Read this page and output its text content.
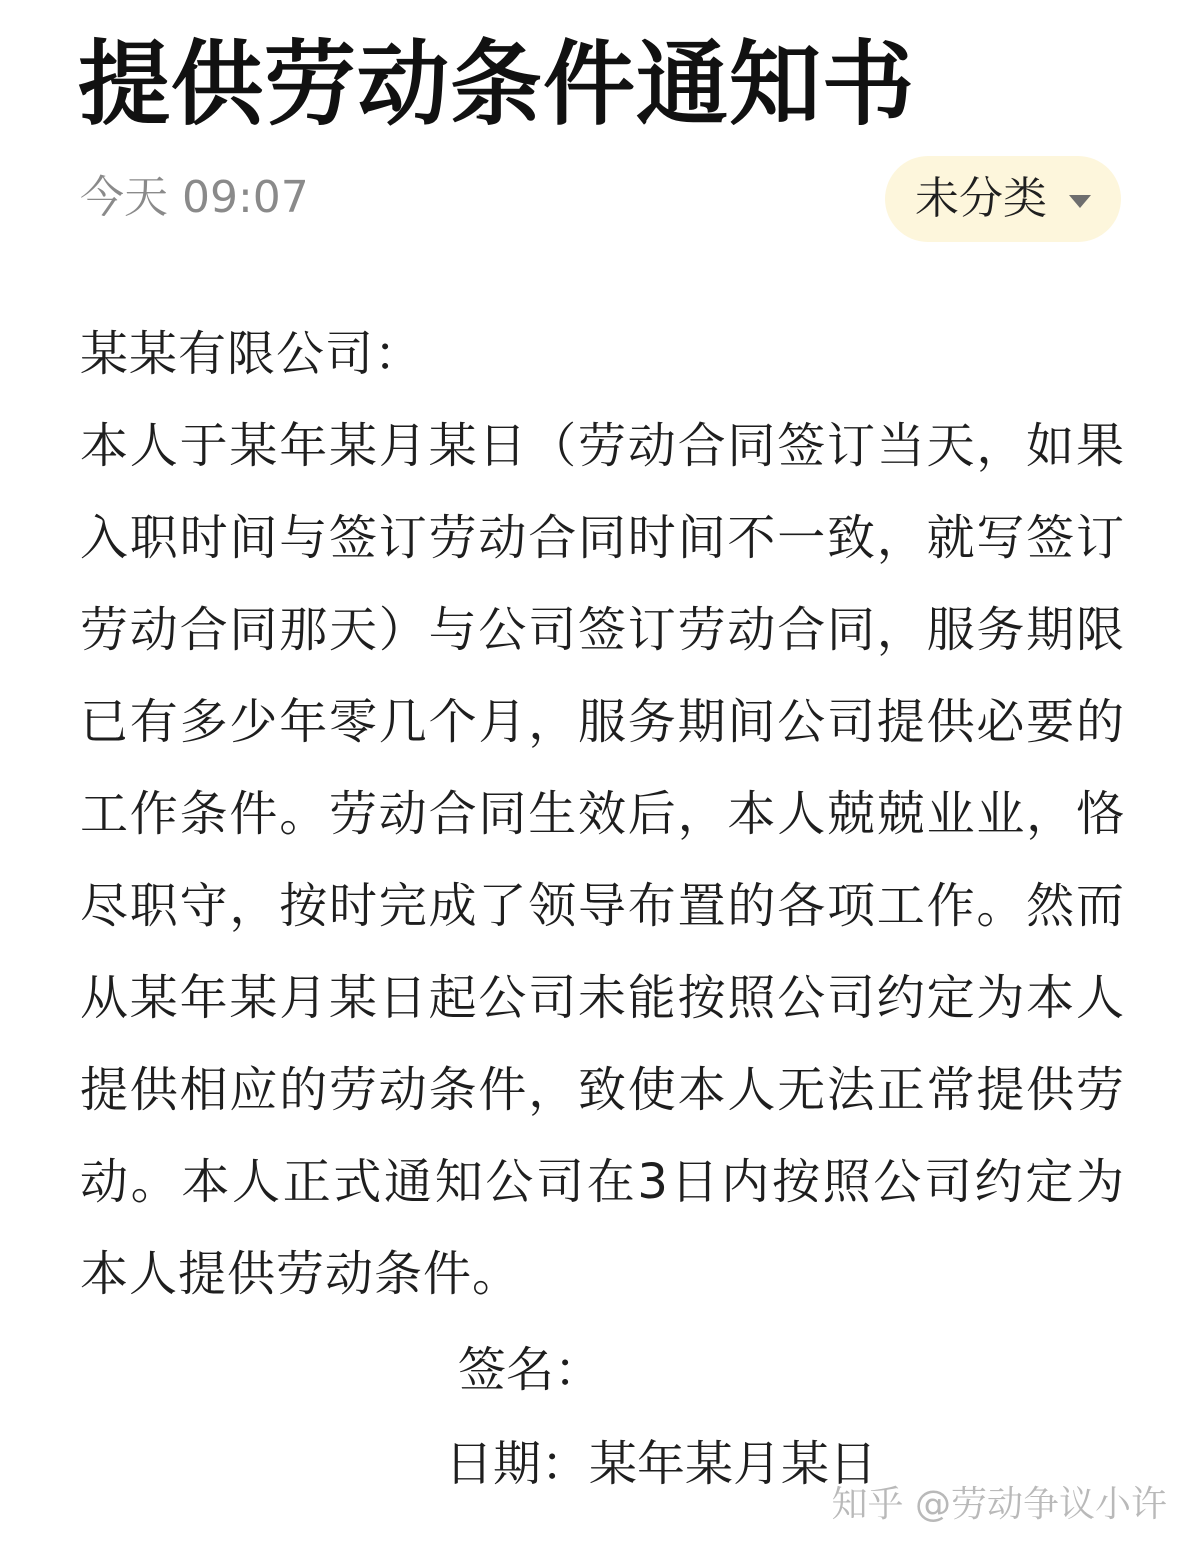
提供劳动条件通知书
今天 09:07	未分类
某某有限公司：
本人于某年某月某日（劳动合同签订当天，如果入职时间与签订劳动合同时间不一致，就写签订劳动合同那天）与公司签订劳动合同，服务期限已有多少年零几个月，服务期间公司提供必要的工作条件。劳动合同生效后，本人兢兢业业，恪尽职守，按时完成了领导布置的各项工作。然而从某年某月某日起公司未能按照公司约定为本人提供相应的劳动条件，致使本人无法正常提供劳动。本人正式通知公司在3日内按照公司约定为本人提供劳动条件。
签名：
日期：某年某月某日
知乎 @劳动争议小许
